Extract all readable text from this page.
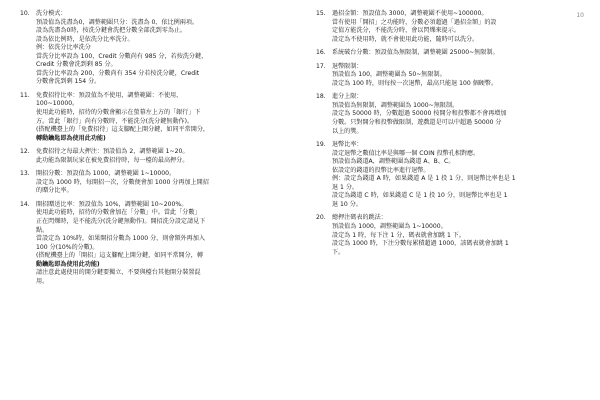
10
10.	洗分模式：
預設值為洗盡為0，調整範圍只分：洗盡為 0、依比例兩項。
設為洗盡為0時，按洗分鍵會洗把分數全部洗到零為止。
設為依比例時，是依洗分比率洗分。
例：依洗分比率洗分
當洗分比率設為 100，Credit 分數尚有 985 分，若按洗分鍵，
Credit 分數會洗到剩 85 分。
當洗分比率設為 200，分數尚有 354 分若按洗分鍵，Credit
分數會洗到剩 154 分。
11.	免費招待比率：預設值為不使用，調整範圍：不使用、
100~10000。
使用此功能時，招待的分數會顯示在螢幕左上方的「銀行」下
方。當此「銀行」尚有分數時，不能洗分(洗分鍵無動作)。
(搭配機臺上的「免費招待」這支腳配上開分鍵，如同平常開分，
轉動鑰匙即為使用此功能)
12.	免費招待之每最大押注：預設值為 2，調整範圍 1~20。
此功能為限制玩家在被免費招待時，每一檯的最高押分。
13.	開招分數：預設值為 1000，調整範圍 1~10000。
設定為 1000 時，每開招一次，分數便會加 1000 分再加上開招
的贈分比率。
14.	開招贈送比率：預設值為 10%，調整範圍 10~200%。
使用此功能時，招待的分數會加在「分數」中。當此「分數」
正在閃爍時，是不能洗分(洗分鍵無動作)。開招洗分設定請見下
點。
當設定為 10%時，如果開招分數為 1000 分，則會額外再加入
100 分(10%的分數)。
(搭配機臺上的「開招」這支腳配上開分鍵，如同平常開分，轉
動鑰匙即為使用此功能)
請注意此處使用的開分鍵要獨立，不要與檯台其他開分裝置混
用。
15.	過招金額：預設值為 3000，調整範圍不使用~100000。
當有使用「開招」之功能時，分數必須超過「過招金額」的設
定值方能洗分，不能洗分時，會以閃爍來提示。
設定為不使用時，就不會使用此功能，隨時可以洗分。
16.	系統破台分數：預設值為無限制，調整範圍 25000~無限制。
17.	退幣限制：
預設值為 100，調整範圍為 50~無限制。
設定為 100 時，則每按一次退幣，最高只能退 100 個硬幣。
18.	進分上限：
預設值為無限制，調整範圍為 1000~無限制。
設定為 50000 時，分數超過 50000 按開分和投幣都不會再增加
分數。只對開分和投幣做限制，遊戲還是可以中超過 50000 分
以上的獎。
19.	退幣比率：
設定退幣之數值比率是與哪一個 COIN 投幣孔相對應。
預設值為錢道A，調整範圍為錢道 A、B、C。
依設定的錢道的投幣比率進行退幣。
例：設定為錢道 A 時，如果錢道 A 是 1 投 1 分，則退幣比率也是 1
退 1 分。
設定為錢道 C 時，如果錢道 C 是 1 投 10 分，則退幣比率也是 1
退 10 分。
20.	總押注碼表的跳法：
預設值為 1000，調整範圍為 1~10000。
設定為 1 時，每下注 1 分，碼表就會加跳 1 下。
設定為 1000 時，下注分數每累積超過 1000，該碼表就會加跳 1
下。
